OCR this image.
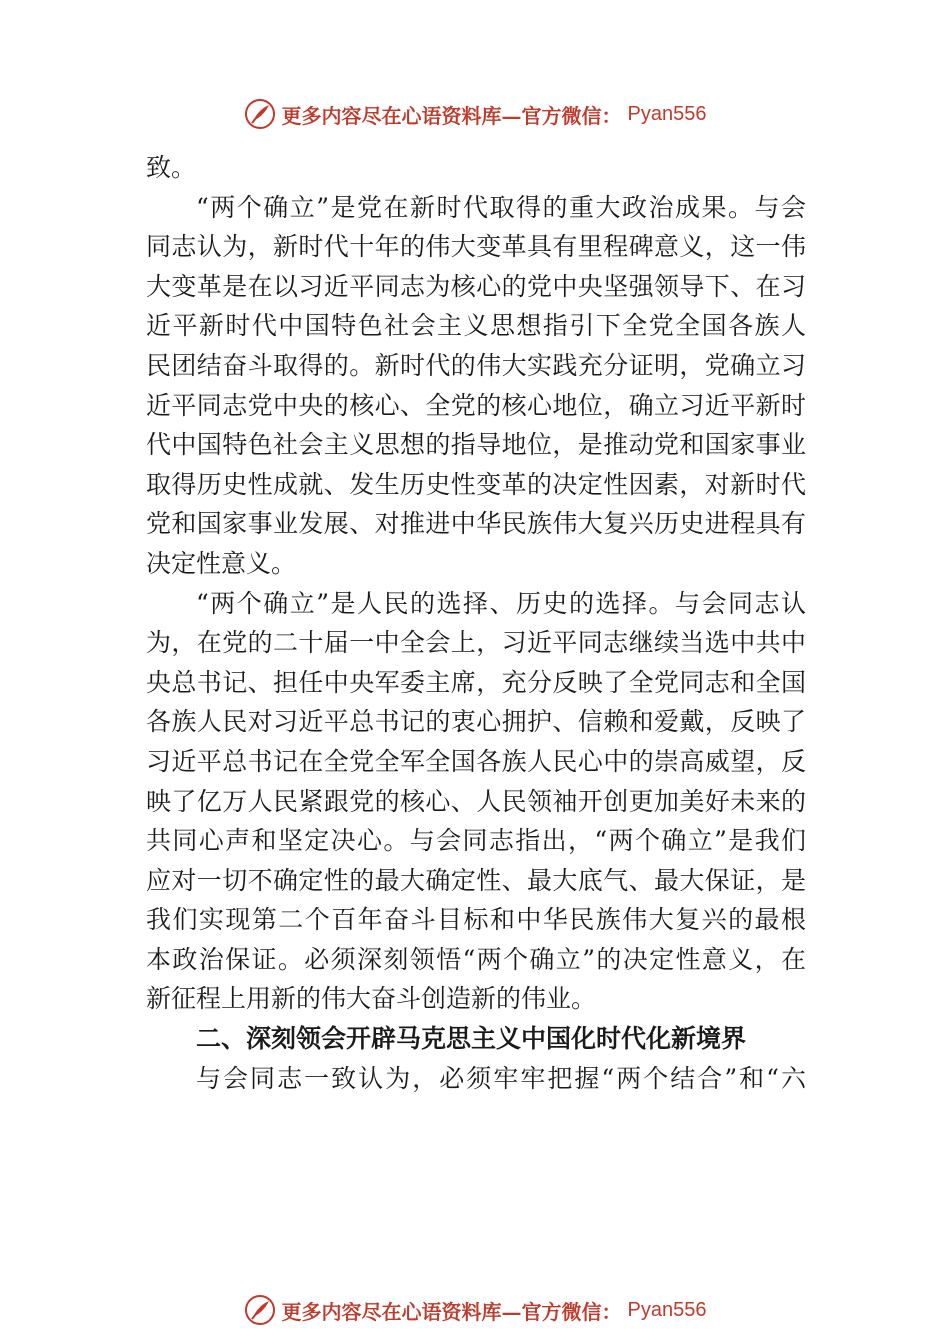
更多内容尽在心语资料库—官方微信： Pyan556
致。
“两个确立”是党在新时代取得的重大政治成果。与会
同志认为，新时代十年的伟大变革具有里程碑意义，这一伟
大变革是在以习近平同志为核心的党中央坚强领导下、在习
近平新时代中国特色社会主义思想指引下全党全国各族人
民团结奋斗取得的。新时代的伟大实践充分证明，党确立习
近平同志党中央的核心、全党的核心地位，确立习近平新时
代中国特色社会主义思想的指导地位，是推动党和国家事业
取得历史性成就、发生历史性变革的决定性因素，对新时代
党和国家事业发展、对推进中华民族伟大复兴历史进程具有
决定性意义。
“两个确立”是人民的选择、历史的选择。与会同志认
为，在党的二十届一中全会上，习近平同志继续当选中共中
央总书记、担任中央军委主席，充分反映了全党同志和全国
各族人民对习近平总书记的衷心拥护、信赖和爱戴，反映了
习近平总书记在全党全军全国各族人民心中的崇高威望，反
映了亿万人民紧跟党的核心、人民领袖开创更加美好未来的
共同心声和坚定决心。与会同志指出，“两个确立”是我们
应对一切不确定性的最大确定性、最大底气、最大保证，是
我们实现第二个百年奋斗目标和中华民族伟大复兴的最根
本政治保证。必须深刻领悟“两个确立”的决定性意义，在
新征程上用新的伟大奋斗创造新的伟业。
二、深刻领会开辟马克思主义中国化时代化新境界
与会同志一致认为，必须牢牢把握“两个结合”和“六
更多内容尽在心语资料库—官方微信： Pyan556
